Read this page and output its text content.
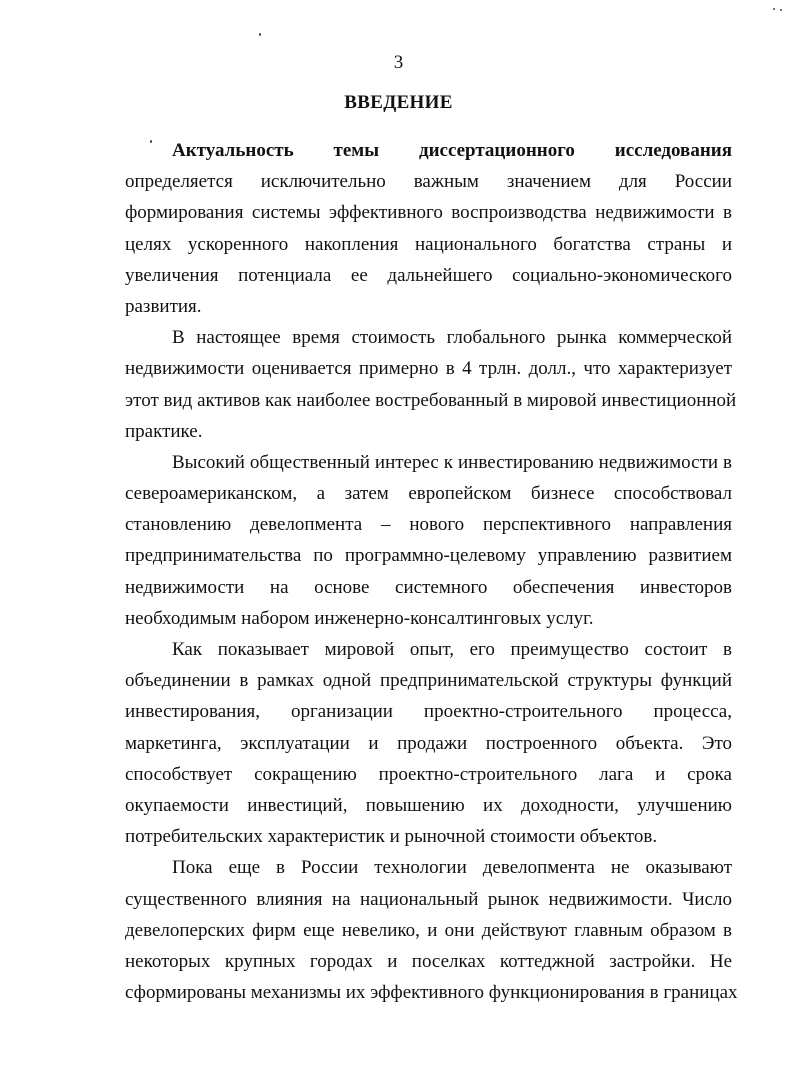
3
ВВЕДЕНИЕ
Актуальность темы диссертационного исследования
определяется исключительно важным значением для России
формирования системы эффективного воспроизводства недвижимости в
целях ускоренного накопления национального богатства страны и
увеличения потенциала ее дальнейшего социально-экономического
развития.
В настоящее время стоимость глобального рынка коммерческой
недвижимости оценивается примерно в 4 трлн. долл., что характеризует
этот вид активов как наиболее востребованный в мировой инвестиционной
практике.
Высокий общественный интерес к инвестированию недвижимости в
североамериканском, а затем европейском бизнесе способствовал
становлению девелопмента – нового перспективного направления
предпринимательства по программно-целевому управлению развитием
недвижимости на основе системного обеспечения инвесторов
необходимым набором инженерно-консалтинговых услуг.
Как показывает мировой опыт, его преимущество состоит в
объединении в рамках одной предпринимательской структуры функций
инвестирования, организации проектно-строительного процесса,
маркетинга, эксплуатации и продажи построенного объекта. Это
способствует сокращению проектно-строительного лага и срока
окупаемости инвестиций, повышению их доходности, улучшению
потребительских характеристик и рыночной стоимости объектов.
Пока еще в России технологии девелопмента не оказывают
существенного влияния на национальный рынок недвижимости. Число
девелоперских фирм еще невелико, и они действуют главным образом в
некоторых крупных городах и поселках коттеджной застройки. Не
сформированы механизмы их эффективного функционирования в границах
